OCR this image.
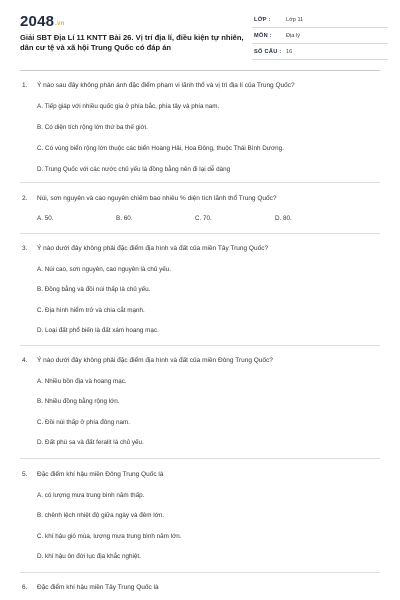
2048.vn
Giải SBT Địa Lí 11 KNTT Bài 26. Vị trí địa lí, điều kiện tự nhiên, dân cư tệ và xã hội Trung Quốc có đáp án
LỚP :	Lớp 11
MÔN :	Địa lý
SỐ CÂU : 16
1. Ý nào sau đây không phản ánh đặc điểm phạm vi lãnh thổ và vị trí địa lí của Trung Quốc?
A. Tiếp giáp với nhiều quốc gia ở phía bắc, phía tây và phía nam.
B. Có diện tích rộng lớn thứ ba thế giới.
C. Có vùng biển rộng lớn thuộc các biển Hoàng Hải, Hoa Đông, thuộc Thái Bình Dương.
D. Trung Quốc với các nước chủ yếu là đồng bằng nên đi lại dễ dàng
2. Núi, sơn nguyên và cao nguyên chiếm bao nhiêu % diện tích lãnh thổ Trung Quốc?
A. 50.	B. 60.	C. 70.	D. 80.
3. Ý nào dưới đây không phải đặc điểm địa hình và đất của miền Tây Trung Quốc?
A. Núi cao, sơn nguyên, cao nguyên là chủ yếu.
B. Đồng bằng và đồi núi thấp là chủ yếu.
C. Địa hình hiểm trở và chia cắt mạnh.
D. Loại đất phổ biến là đất xám hoang mạc.
4. Ý nào dưới đây không phải đặc điểm địa hình và đất của miền Đông Trung Quốc?
A. Nhiều bồn địa và hoang mạc.
B. Nhiều đồng bằng rộng lớn.
C. Đồi núi thấp ở phía đông nam.
D. Đất phù sa và đất feralit là chủ yếu.
5. Đặc điểm khí hậu miền Đông Trung Quốc là
A. có lượng mưa trung bình năm thấp.
B. chênh lệch nhiệt độ giữa ngày và đêm lớn.
C. khí hậu gió mùa, lượng mưa trung bình năm lớn.
D. khí hậu ôn đới lục địa khắc nghiệt.
6. Đặc điểm khí hậu miền Tây Trung Quốc là
